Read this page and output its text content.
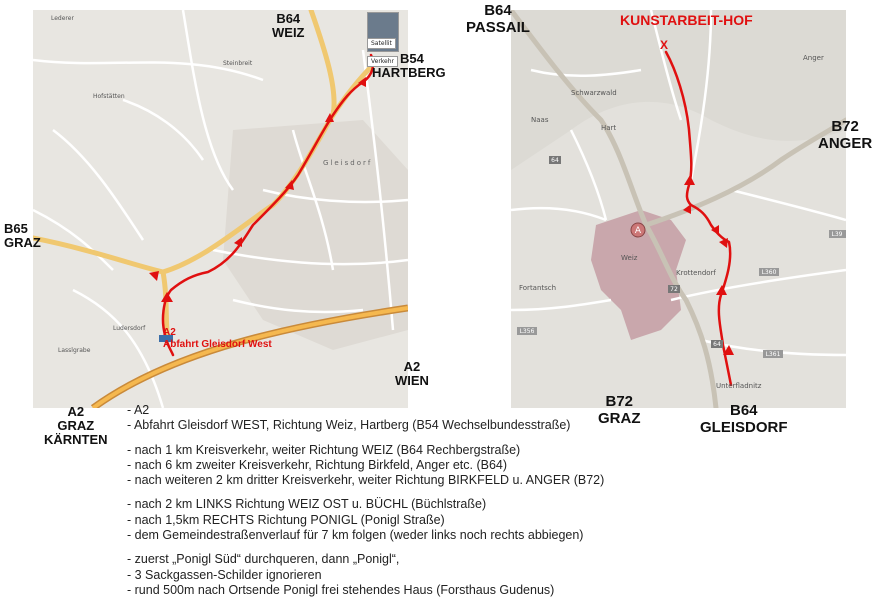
Lederer
Steinbreit
Hofstätten
Lasslgrabe
Gleisdorf
Ludersdorf
Satellit
Verkehr
B64
WEIZ
B54
HARTBERG
B65
GRAZ
A2
WIEN
A2
GRAZ
KÄRNTEN
A2
Abfahrt Gleisdorf West
A
64
72
64
L356
L360
L361
L39
Schwarzwald
Naas
Hart
Anger
Weiz
Krottendorf
Unterfladnitz
Fortantsch
B64
PASSAIL	KUNSTARBEIT-HOF
X
B72
ANGER
B72
GRAZ	B64
GLEISDORF
- A2
- Abfahrt Gleisdorf WEST, Richtung Weiz, Hartberg (B54 Wechselbundesstraße)
- nach 1 km Kreisverkehr, weiter Richtung WEIZ (B64 Rechbergstraße)
- nach 6 km zweiter Kreisverkehr, Richtung Birkfeld, Anger etc. (B64)
- nach weiteren 2 km dritter Kreisverkehr, weiter Richtung BIRKFELD u. ANGER (B72)
- nach 2 km LINKS Richtung WEIZ OST u. BÜCHL (Büchlstraße)
- nach 1,5km RECHTS Richtung PONIGL (Ponigl Straße)
- dem Gemeindestraßenverlauf für 7 km folgen (weder links noch rechts abbiegen)
- zuerst „Ponigl Süd“ durchqueren, dann „Ponigl“,
- 3 Sackgassen-Schilder ignorieren
- rund 500m nach Ortsende Ponigl frei stehendes Haus (Forsthaus Gudenus)
